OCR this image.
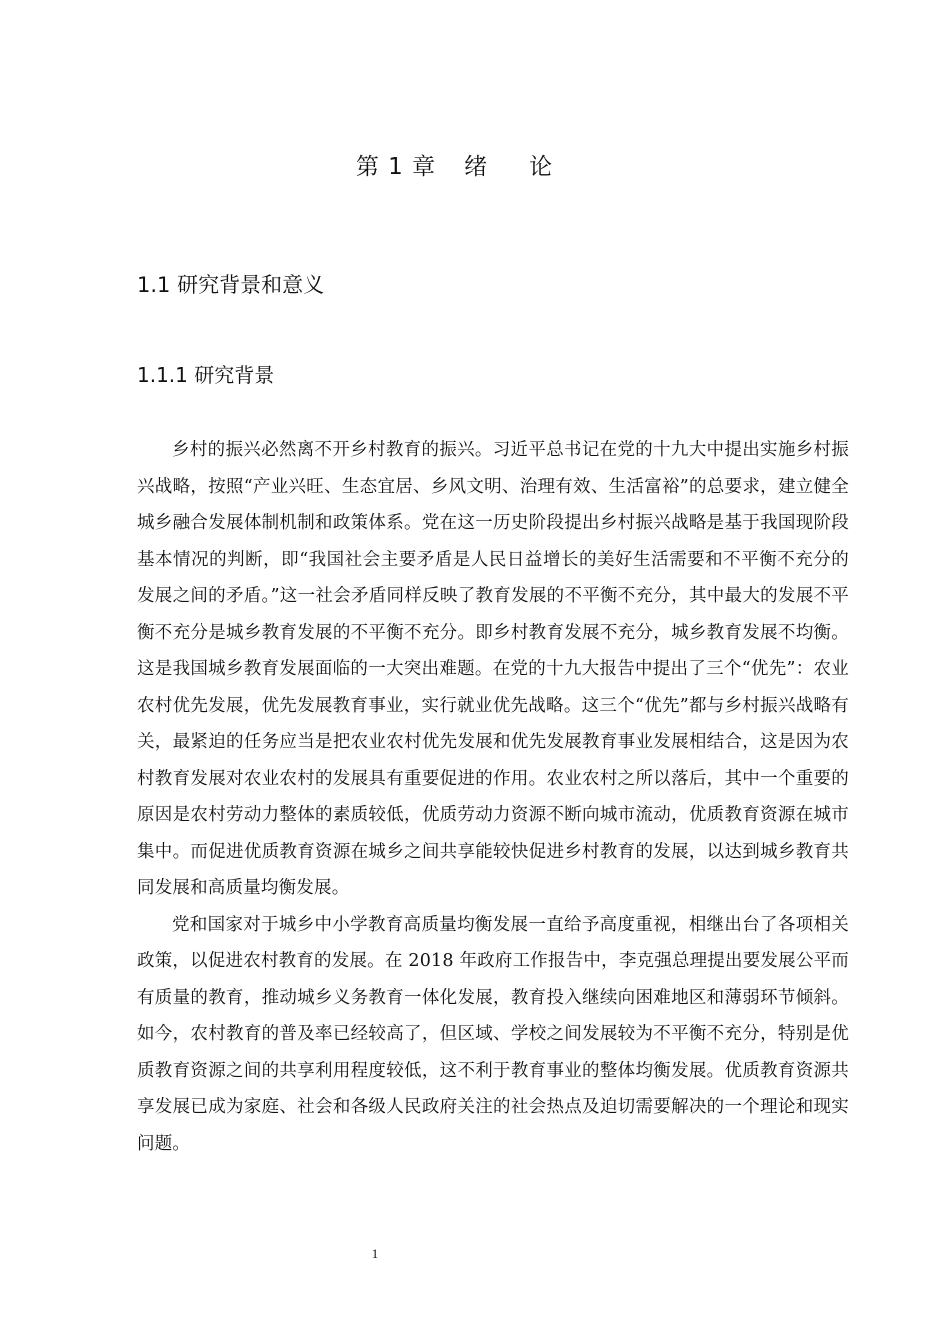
第 1 章 绪论
1.1 研究背景和意义
1.1.1 研究背景

乡村的振兴必然离不开乡村教育的振兴。习近平总书记在党的十九大中提出实施乡村振兴战略，按照“产业兴旺、生态宜居、乡风文明、治理有效、生活富裕”的总要求，建立健全城乡融合发展体制机制和政策体系。党在这一历史阶段提出乡村振兴战略是基于我国现阶段基本情况的判断，即“我国社会主要矛盾是人民日益增长的美好生活需要和不平衡不充分的发展之间的矛盾。”这一社会矛盾同样反映了教育发展的不平衡不充分，其中最大的发展不平衡不充分是城乡教育发展的不平衡不充分。即乡村教育发展不充分，城乡教育发展不均衡。这是我国城乡教育发展面临的一大突出难题。在党的十九大报告中提出了三个“优先”：农业农村优先发展，优先发展教育事业，实行就业优先战略。这三个“优先”都与乡村振兴战略有关，最紧迫的任务应当是把农业农村优先发展和优先发展教育事业发展相结合，这是因为农村教育发展对农业农村的发展具有重要促进的作用。农业农村之所以落后，其中一个重要的原因是农村劳动力整体的素质较低，优质劳动力资源不断向城市流动，优质教育资源在城市集中。而促进优质教育资源在城乡之间共享能较快促进乡村教育的发展，以达到城乡教育共同发展和高质量均衡发展。

党和国家对于城乡中小学教育高质量均衡发展一直给予高度重视，相继出台了各项相关政策，以促进农村教育的发展。在 2018 年政府工作报告中，李克强总理提出要发展公平而有质量的教育，推动城乡义务教育一体化发展，教育投入继续向困难地区和薄弱环节倾斜。如今，农村教育的普及率已经较高了，但区域、学校之间发展较为不平衡不充分，特别是优质教育资源之间的共享利用程度较低，这不利于教育事业的整体均衡发展。优质教育资源共享发展已成为家庭、社会和各级人民政府关注的社会热点及迫切需要解决的一个理论和现实问题。

1
